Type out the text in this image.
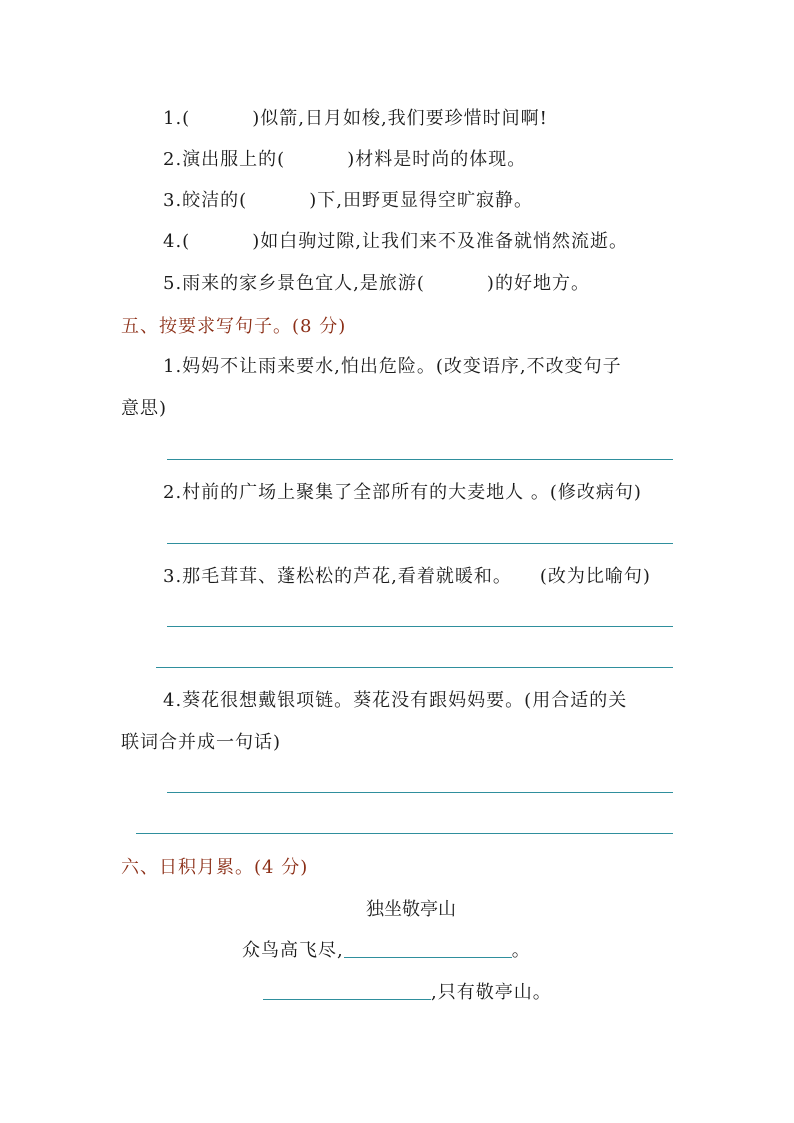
1.(	)似箭,日月如梭,我们要珍惜时间啊!
2.演出服上的(	)材料是时尚的体现。
3.皎洁的(	)下,田野更显得空旷寂静。
4.(	)如白驹过隙,让我们来不及准备就悄然流逝。
5.雨来的家乡景色宜人,是旅游(	)的好地方。
五、按要求写句子。(8 分)
1.妈妈不让雨来要水,怕出危险。(改变语序,不改变句子
意思)
2.村前的广场上聚集了全部所有的大麦地人 。(修改病句)
3.那毛茸茸、蓬松松的芦花,看着就暖和。 (改为比喻句)
4.葵花很想戴银项链。葵花没有跟妈妈要。(用合适的关
联词合并成一句话)
六、日积月累。(4 分)
独坐敬亭山
众鸟高飞尽,	。
,只有敬亭山。
